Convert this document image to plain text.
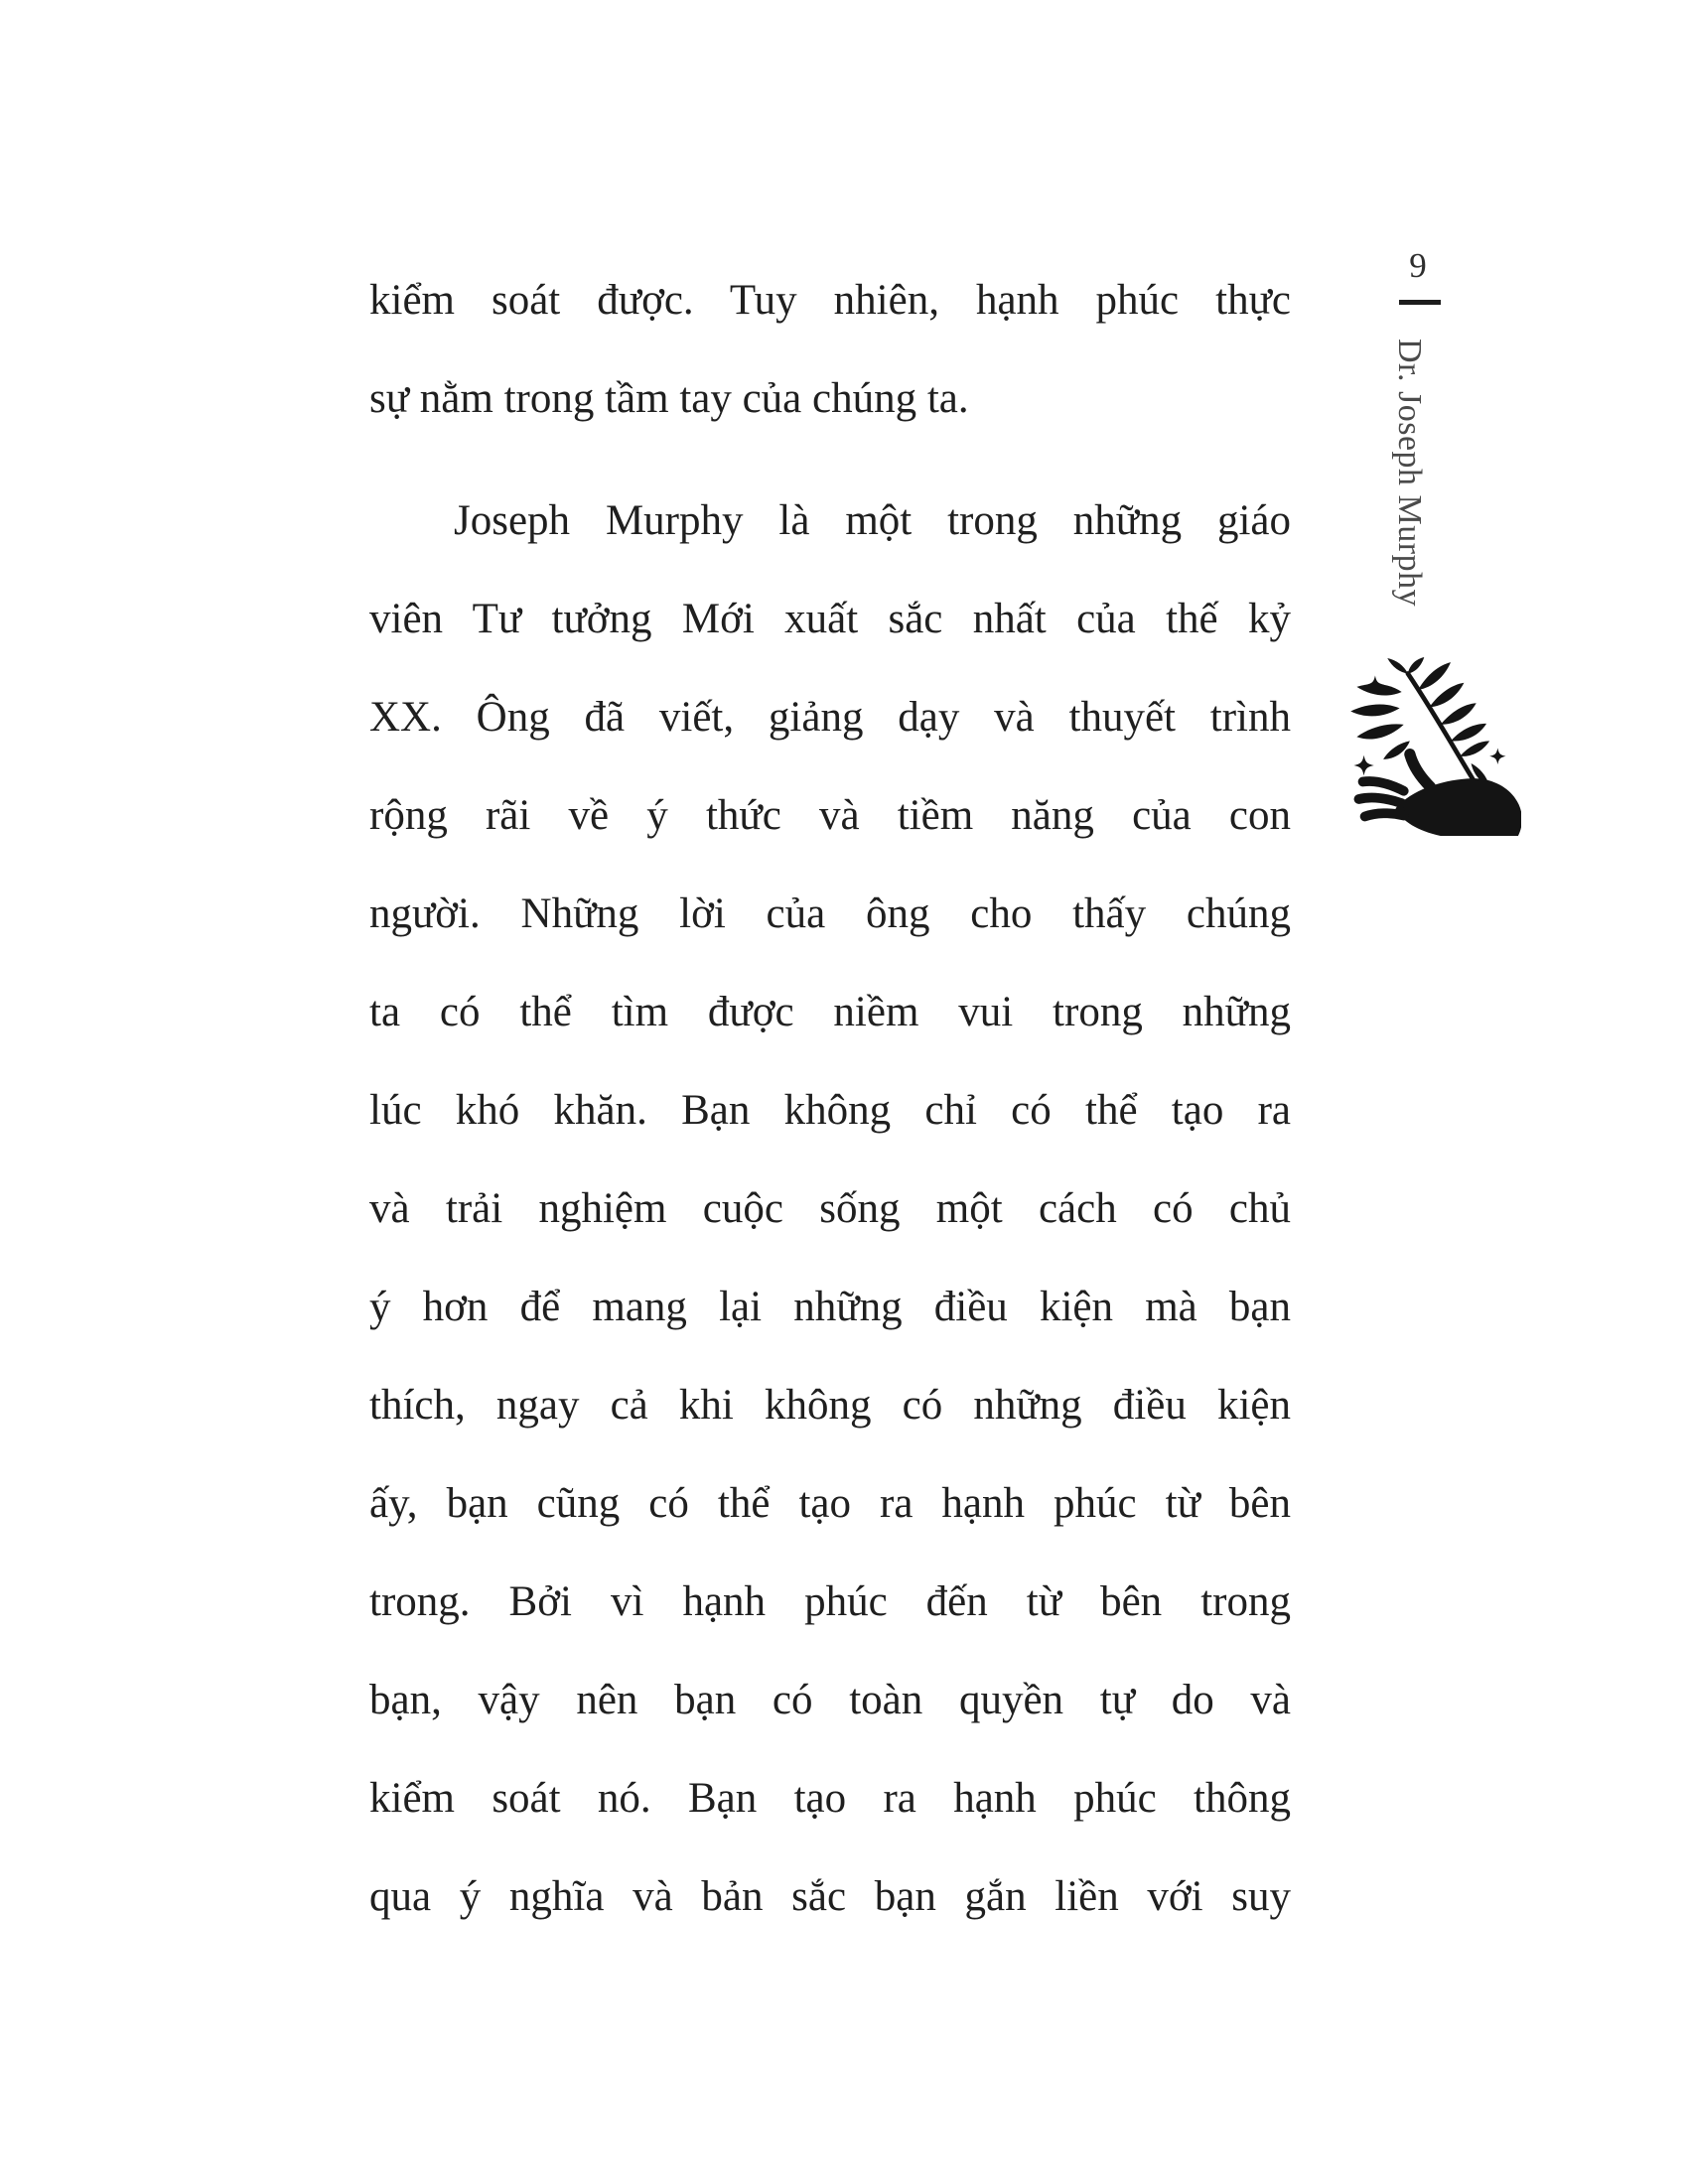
kiểm soát được. Tuy nhiên, hạnh phúc thực
sự nằm trong tầm tay của chúng ta.
Joseph Murphy là một trong những giáo
viên Tư tưởng Mới xuất sắc nhất của thế kỷ
XX. Ông đã viết, giảng dạy và thuyết trình
rộng rãi về ý thức và tiềm năng của con
người. Những lời của ông cho thấy chúng
ta có thể tìm được niềm vui trong những
lúc khó khăn. Bạn không chỉ có thể tạo ra
và trải nghiệm cuộc sống một cách có chủ
ý hơn để mang lại những điều kiện mà bạn
thích, ngay cả khi không có những điều kiện
ấy, bạn cũng có thể tạo ra hạnh phúc từ bên
trong. Bởi vì hạnh phúc đến từ bên trong
bạn, vậy nên bạn có toàn quyền tự do và
kiểm soát nó. Bạn tạo ra hạnh phúc thông
qua ý nghĩa và bản sắc bạn gắn liền với suy
9
Dr. Joseph Murphy
